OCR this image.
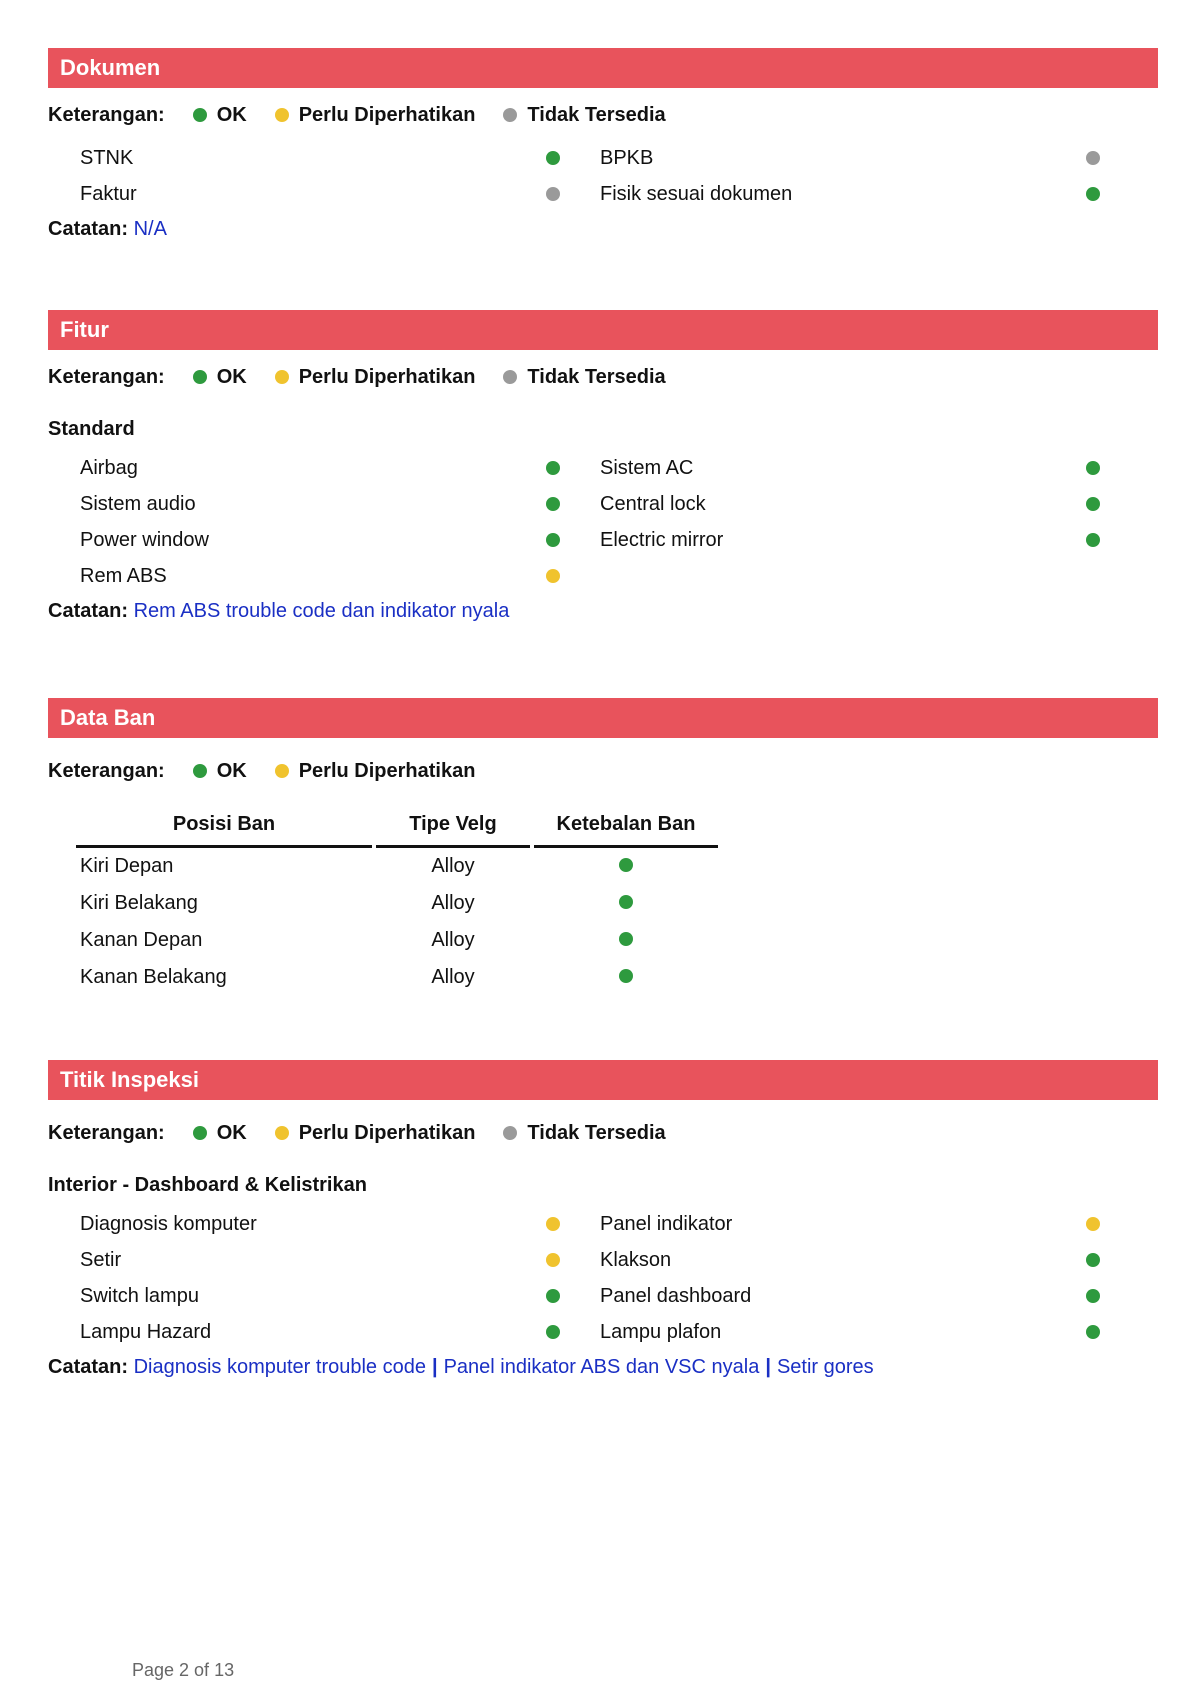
Dokumen
Keterangan:	OK	Perlu Diperhatikan	Tidak Tersedia
STNK	BPKB
Faktur	Fisik sesuai dokumen
Catatan: N/A
Fitur
Keterangan:	OK	Perlu Diperhatikan	Tidak Tersedia
Standard
Airbag	Sistem AC
Sistem audio	Central lock
Power window	Electric mirror
Rem ABS
Catatan: Rem ABS trouble code dan indikator nyala
Data Ban
Keterangan:	OK	Perlu Diperhatikan
Posisi Ban	Tipe Velg	Ketebalan Ban
Kiri Depan	Alloy	
Kiri Belakang	Alloy	
Kanan Depan	Alloy	
Kanan Belakang	Alloy	
Titik Inspeksi
Keterangan:	OK	Perlu Diperhatikan	Tidak Tersedia
Interior - Dashboard & Kelistrikan
Diagnosis komputer	Panel indikator
Setir	Klakson
Switch lampu	Panel dashboard
Lampu Hazard	Lampu plafon
Catatan: Diagnosis komputer trouble code | Panel indikator ABS dan VSC nyala | Setir gores
Page 2 of 13
